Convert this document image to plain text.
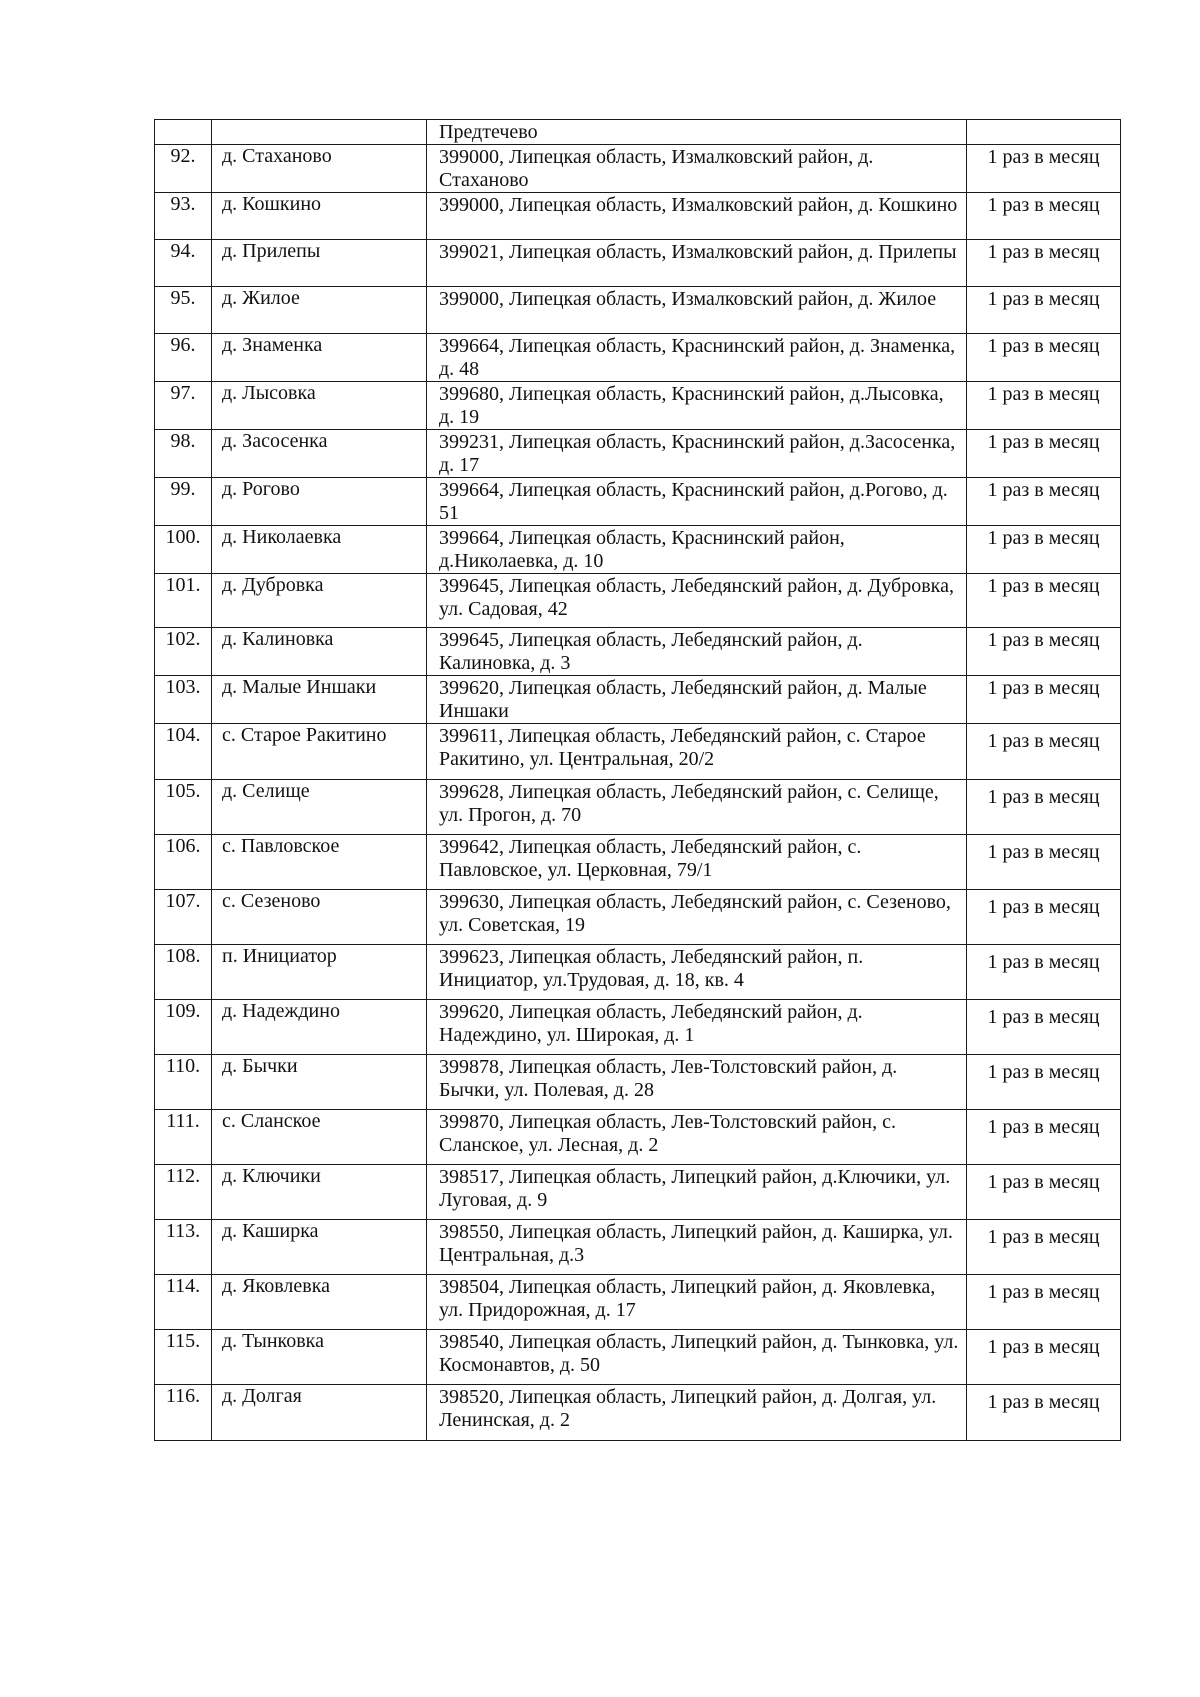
		Предтечево	
92.	д. Стаханово	399000, Липецкая область, Измалковский район, д. Стаханово	1 раз в месяц
93.	д. Кошкино	399000, Липецкая область, Измалковский район, д. Кошкино	1 раз в месяц
94.	д. Прилепы	399021, Липецкая область, Измалковский район, д. Прилепы	1 раз в месяц
95.	д. Жилое	399000, Липецкая область, Измалковский район, д. Жилое	1 раз в месяц
96.	д. Знаменка	399664, Липецкая область, Краснинский район, д. Знаменка, д. 48	1 раз в месяц
97.	д. Лысовка	399680, Липецкая область, Краснинский район, д.Лысовка, д. 19	1 раз в месяц
98.	д. Засосенка	399231, Липецкая область, Краснинский район, д.Засосенка, д. 17	1 раз в месяц
99.	д. Рогово	399664, Липецкая область, Краснинский район, д.Рогово, д. 51	1 раз в месяц
100.	д. Николаевка	399664, Липецкая область, Краснинский район, д.Николаевка, д. 10	1 раз в месяц
101.	д. Дубровка	399645, Липецкая область, Лебедянский район, д. Дубровка, ул. Садовая, 42	1 раз в месяц
102.	д. Калиновка	399645, Липецкая область, Лебедянский район, д. Калиновка, д. 3	1 раз в месяц
103.	д. Малые Иншаки	399620, Липецкая область, Лебедянский район, д. Малые Иншаки	1 раз в месяц
104.	с. Старое Ракитино	399611, Липецкая область, Лебедянский район, с. Старое Ракитино, ул. Центральная, 20/2	1 раз в месяц
105.	д. Селище	399628, Липецкая область, Лебедянский район, с. Селище, ул. Прогон, д. 70	1 раз в месяц
106.	с. Павловское	399642, Липецкая область, Лебедянский район, с. Павловское, ул. Церковная, 79/1	1 раз в месяц
107.	с. Сезеново	399630, Липецкая область, Лебедянский район, с. Сезеново, ул. Советская, 19	1 раз в месяц
108.	п. Инициатор	399623, Липецкая область, Лебедянский район, п. Инициатор, ул.Трудовая, д. 18, кв. 4	1 раз в месяц
109.	д. Надеждино	399620, Липецкая область, Лебедянский район, д. Надеждино, ул. Широкая, д. 1	1 раз в месяц
110.	д. Бычки	399878, Липецкая область, Лев-Толстовский район, д. Бычки, ул. Полевая, д. 28	1 раз в месяц
111.	с. Сланское	399870, Липецкая область, Лев-Толстовский район, с. Сланское, ул. Лесная, д. 2	1 раз в месяц
112.	д. Ключики	398517, Липецкая область, Липецкий район, д.Ключики, ул. Луговая, д. 9	1 раз в месяц
113.	д. Каширка	398550, Липецкая область, Липецкий район, д. Каширка, ул. Центральная, д.3	1 раз в месяц
114.	д. Яковлевка	398504, Липецкая область, Липецкий район, д. Яковлевка, ул. Придорожная, д. 17	1 раз в месяц
115.	д. Тынковка	398540, Липецкая область, Липецкий район, д. Тынковка, ул. Космонавтов, д. 50	1 раз в месяц
116.	д. Долгая	398520, Липецкая область, Липецкий район, д. Долгая, ул. Ленинская, д. 2	1 раз в месяц
